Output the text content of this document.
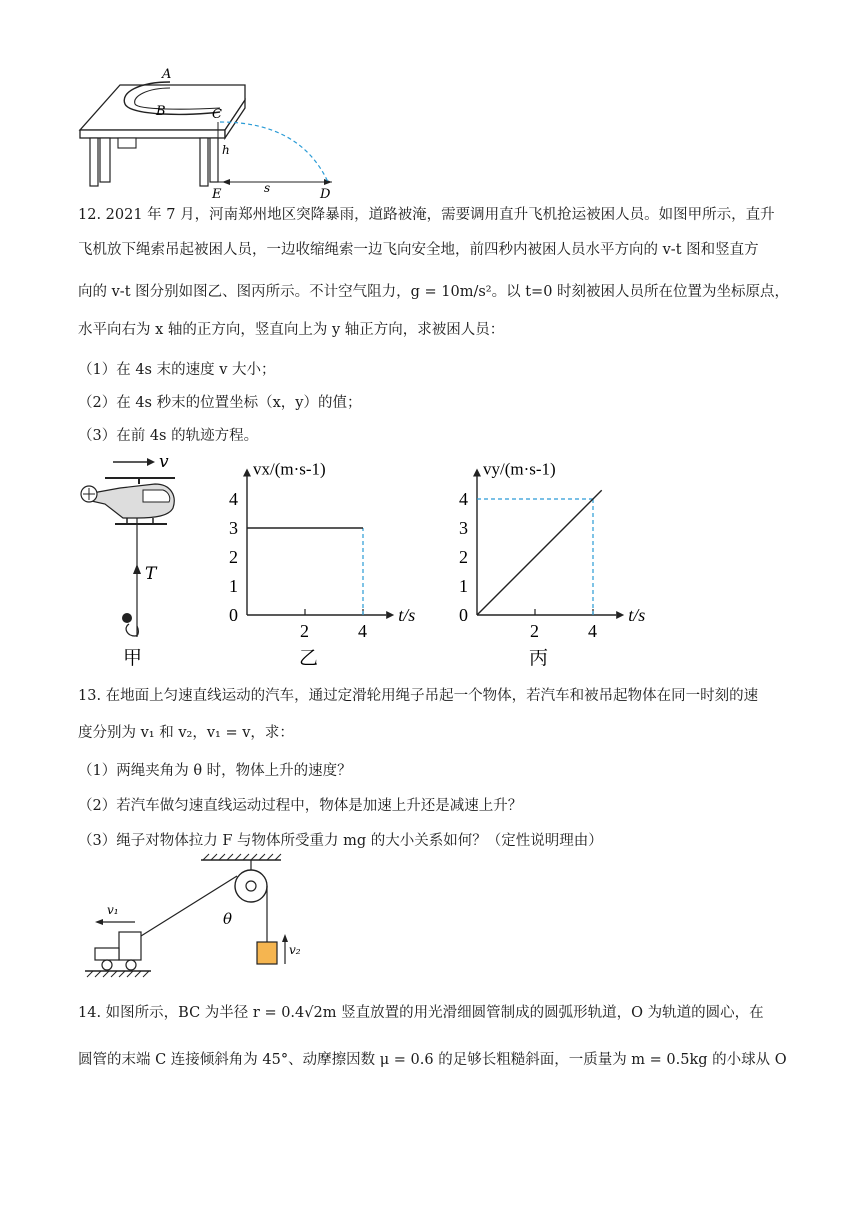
A
B	C
h
E	s	D
12. 2021 年 7 月，河南郑州地区突降暴雨，道路被淹，需要调用直升飞机抢运被困人员。如图甲所示，直升
飞机放下绳索吊起被困人员，一边收缩绳索一边飞向安全地，前四秒内被困人员水平方向的 v-t 图和竖直方
向的 v-t 图分别如图乙、图丙所示。不计空气阻力，g = 10m/s²。以 t=0 时刻被困人员所在位置为坐标原点，
水平向右为 x 轴的正方向，竖直向上为 y 轴正方向，求被困人员：
（1）在 4s 末的速度 v 大小；
（2）在 4s 秒末的位置坐标（x，y）的值；
（3）在前 4s 的轨迹方程。
v
T
甲
0
1
2
3
4
2	4
t/s
vx/(m·s-1)
乙
0
1
2
3
4
2	4
t/s
vy/(m·s-1)
丙
13. 在地面上匀速直线运动的汽车，通过定滑轮用绳子吊起一个物体，若汽车和被吊起物体在同一时刻的速
度分别为 v₁ 和 v₂，v₁ = v，求：
（1）两绳夹角为 θ 时，物体上升的速度？
（2）若汽车做匀速直线运动过程中，物体是加速上升还是减速上升？
（3）绳子对物体拉力 F 与物体所受重力 mg 的大小关系如何？（定性说明理由）
θ
v₂
v₁
14. 如图所示，BC 为半径 r = 0.4√2m 竖直放置的用光滑细圆管制成的圆弧形轨道，O 为轨道的圆心，在
圆管的末端 C 连接倾斜角为 45°、动摩擦因数 μ = 0.6 的足够长粗糙斜面，一质量为 m = 0.5kg 的小球从 O
